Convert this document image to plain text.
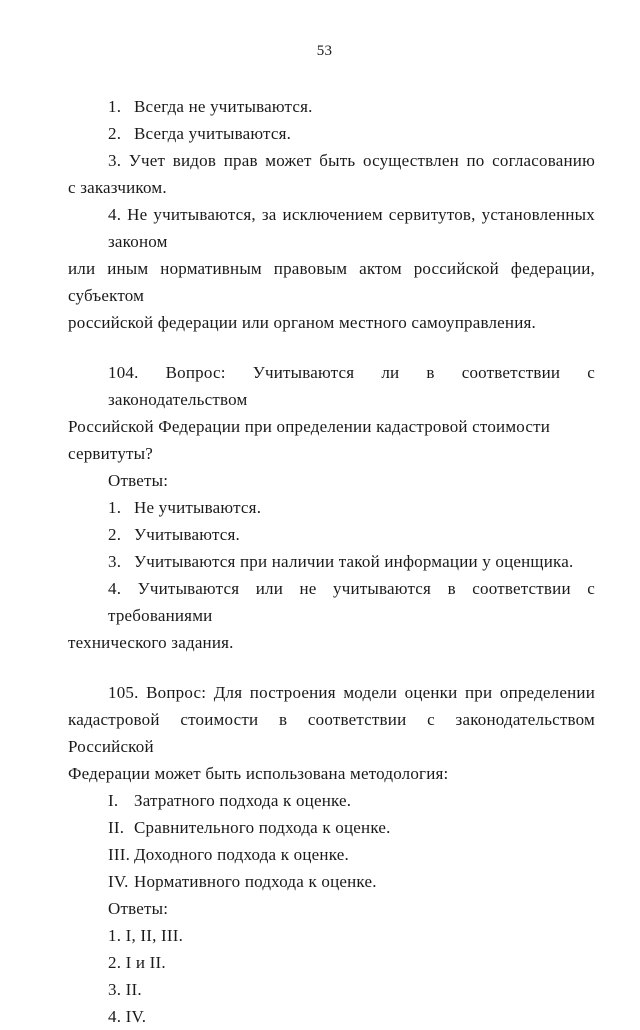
53
1. Всегда не учитываются.
2. Всегда учитываются.
3. Учет видов прав может быть осуществлен по согласованию
с заказчиком.
4. Не учитываются, за исключением сервитутов, установленных законом
или иным нормативным правовым актом российской федерации, субъектом
российской федерации или органом местного самоуправления.
104. Вопрос: Учитываются ли в соответствии с законодательством
Российской Федерации при определении кадастровой стоимости сервитуты?
Ответы:
1. Не учитываются.
2. Учитываются.
3. Учитываются при наличии такой информации у оценщика.
4. Учитываются или не учитываются в соответствии с требованиями
технического задания.
105. Вопрос: Для построения модели оценки при определении
кадастровой стоимости в соответствии с законодательством Российской
Федерации может быть использована методология:
I. Затратного подхода к оценке.
II. Сравнительного подхода к оценке.
III. Доходного подхода к оценке.
IV. Нормативного подхода к оценке.
Ответы:
1. I, II, III.
2. I и II.
3. II.
4. IV.
